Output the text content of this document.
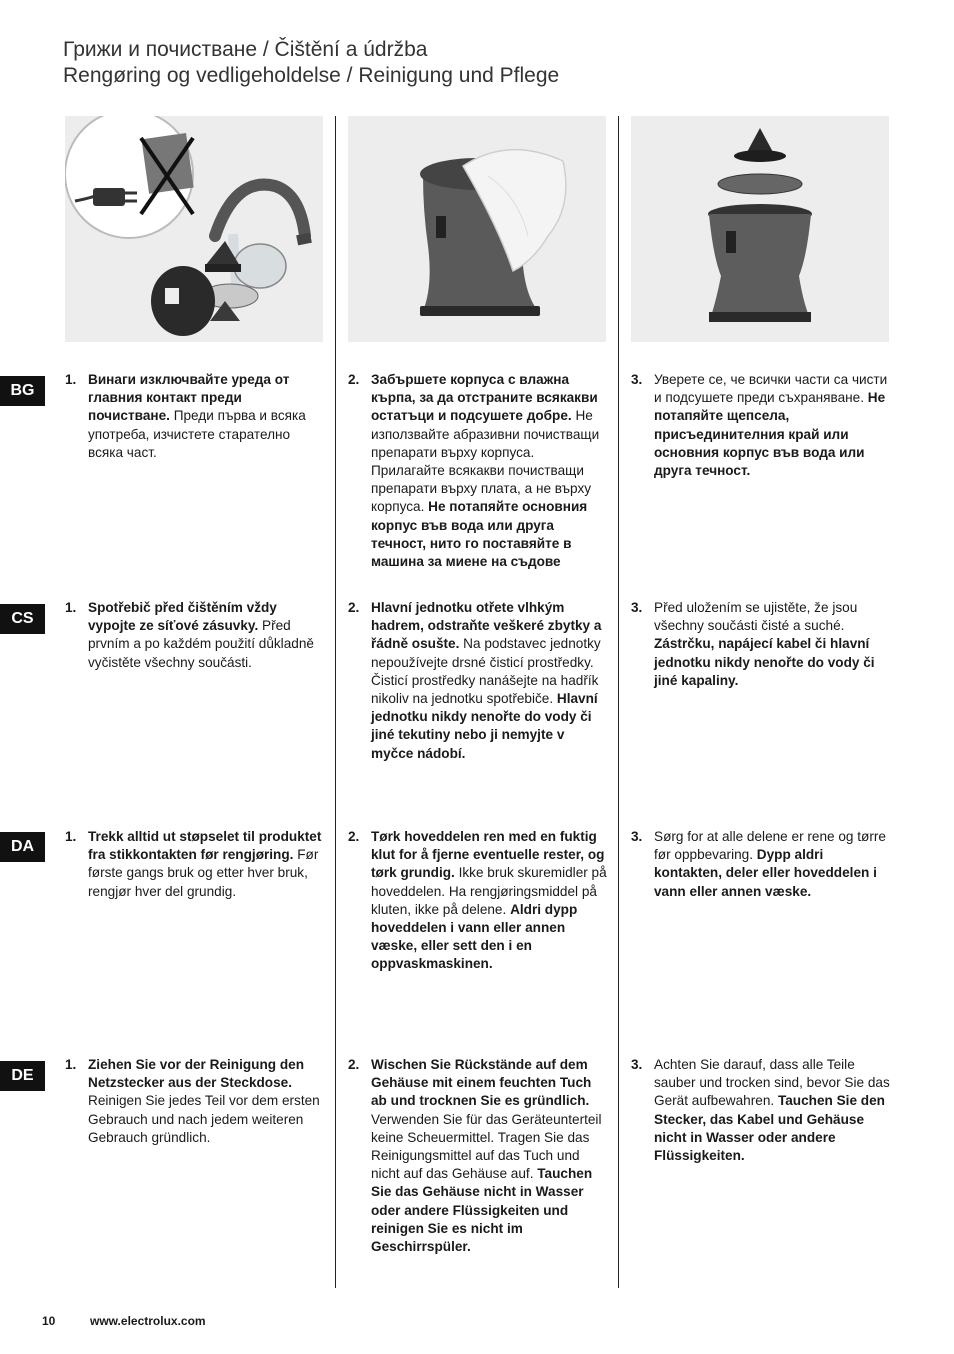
Грижи и почистване / Čištění a údržba
Rengøring og vedligeholdelse / Reinigung und Pflege
BG
CS
DA
DE
1. Винаги изключвайте уреда от главния контакт преди почистване. Преди първа и всяка употреба, изчистете старателно всяка част.
2. Забършете корпуса с влажна кърпа, за да отстраните всякакви остатъци и подсушете добре. Не използвайте абразивни почистващи препарати върху корпуса. Прилагайте всякакви почистващи препарати върху плата, а не върху корпуса. Не потапяйте основния корпус във вода или друга течност, нито го поставяйте в машина за миене на съдове
3. Уверете се, че всички части са чисти и подсушете преди съхраняване. Не потапяйте щепсела, присъединителния край или основния корпус във вода или друга течност.
1. Spotřebič před čištěním vždy vypojte ze síťové zásuvky. Před prvním a po každém použití důkladně vyčistěte všechny součásti.
2. Hlavní jednotku otřete vlhkým hadrem, odstraňte veškeré zbytky a řádně osušte. Na podstavec jednotky nepoužívejte drsné čisticí prostředky. Čisticí prostředky nanášejte na hadřík nikoliv na jednotku spotřebiče. Hlavní jednotku nikdy nenořte do vody či jiné tekutiny nebo ji nemyjte v myčce nádobí.
3. Před uložením se ujistěte, že jsou všechny součásti čisté a suché. Zástrčku, napájecí kabel či hlavní jednotku nikdy nenořte do vody či jiné kapaliny.
1. Trekk alltid ut støpselet til produktet fra stikkontakten før rengjøring. Før første gangs bruk og etter hver bruk, rengjør hver del grundig.
2. Tørk hoveddelen ren med en fuktig klut for å fjerne eventuelle rester, og tørk grundig. Ikke bruk skuremidler på hoveddelen. Ha rengjøringsmiddel på kluten, ikke på delene. Aldri dypp hoveddelen i vann eller annen væske, eller sett den i en oppvaskmaskinen.
3. Sørg for at alle delene er rene og tørre før oppbevaring. Dypp aldri kontakten, deler eller hoveddelen i vann eller annen væske.
1. Ziehen Sie vor der Reinigung den Netzstecker aus der Steckdose. Reinigen Sie jedes Teil vor dem ersten Gebrauch und nach jedem weiteren Gebrauch gründlich.
2. Wischen Sie Rückstände auf dem Gehäuse mit einem feuchten Tuch ab und trocknen Sie es gründlich. Verwenden Sie für das Geräteunterteil keine Scheuermittel. Tragen Sie das Reinigungsmittel auf das Tuch und nicht auf das Gehäuse auf. Tauchen Sie das Gehäuse nicht in Wasser oder andere Flüssigkeiten und reinigen Sie es nicht im Geschirrspüler.
3. Achten Sie darauf, dass alle Teile sauber und trocken sind, bevor Sie das Gerät aufbewahren. Tauchen Sie den Stecker, das Kabel und Gehäuse nicht in Wasser oder andere Flüssigkeiten.
10	www.electrolux.com
